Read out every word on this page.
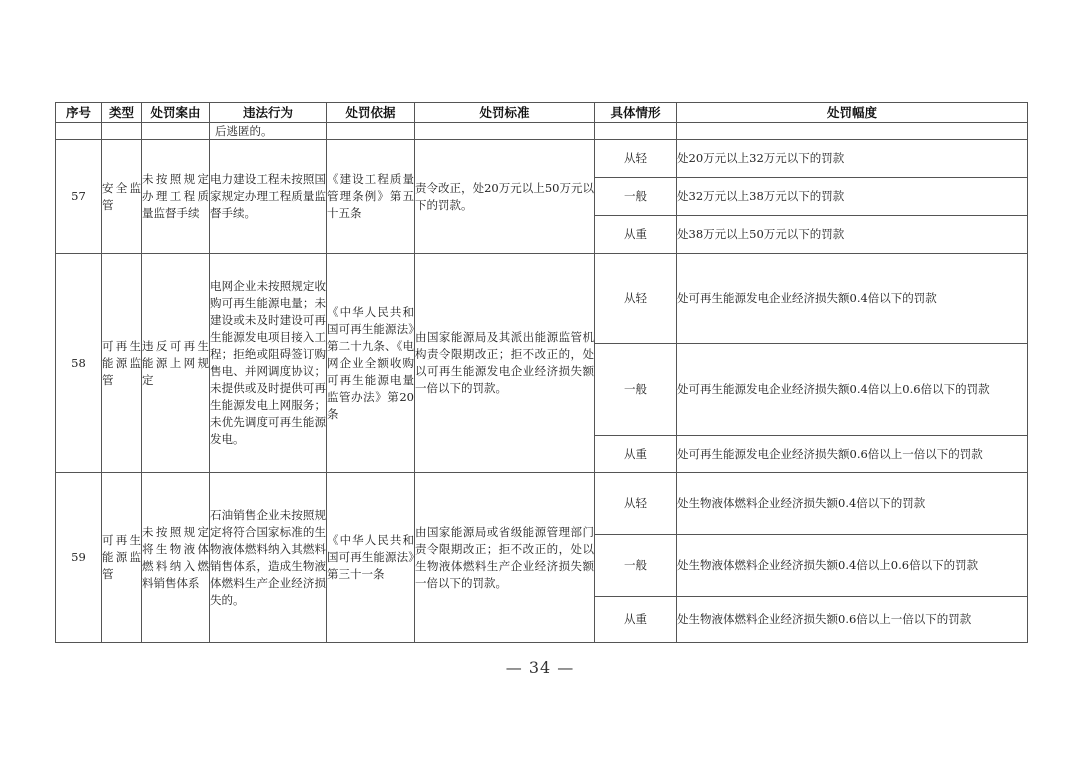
序号	类型	处罚案由	违法行为	处罚依据	处罚标准	具体情形	处罚幅度
			后逃匿的。				
57	安全监管	未按照规定办理工程质量监督手续	电力建设工程未按照国家规定办理工程质量监督手续。	《建设工程质量管理条例》第五十五条	责令改正，处20万元以上50万元以下的罚款。	从轻	处20万元以上32万元以下的罚款
						一般	处32万元以上38万元以下的罚款
						从重	处38万元以上50万元以下的罚款
58	可再生能源监管	违反可再生能源上网规定	电网企业未按照规定收购可再生能源电量；未建设或未及时建设可再生能源发电项目接入工程；拒绝或阻碍签订购售电、并网调度协议；未提供或及时提供可再生能源发电上网服务；未优先调度可再生能源发电。	《中华人民共和国可再生能源法》第二十九条、《电网企业全额收购可再生能源电量监管办法》第20条	由国家能源局及其派出能源监管机构责令限期改正；拒不改正的，处以可再生能源发电企业经济损失额一倍以下的罚款。	从轻	处可再生能源发电企业经济损失额0.4倍以下的罚款
						一般	处可再生能源发电企业经济损失额0.4倍以上0.6倍以下的罚款
						从重	处可再生能源发电企业经济损失额0.6倍以上一倍以下的罚款
59	可再生能源监管	未按照规定将生物液体燃料纳入燃料销售体系	石油销售企业未按照规定将符合国家标准的生物液体燃料纳入其燃料销售体系，造成生物液体燃料生产企业经济损失的。	《中华人民共和国可再生能源法》第三十一条	由国家能源局或省级能源管理部门责令限期改正；拒不改正的，处以生物液体燃料生产企业经济损失额一倍以下的罚款。	从轻	处生物液体燃料企业经济损失额0.4倍以下的罚款
						一般	处生物液体燃料企业经济损失额0.4倍以上0.6倍以下的罚款
						从重	处生物液体燃料企业经济损失额0.6倍以上一倍以下的罚款
— 34 —
